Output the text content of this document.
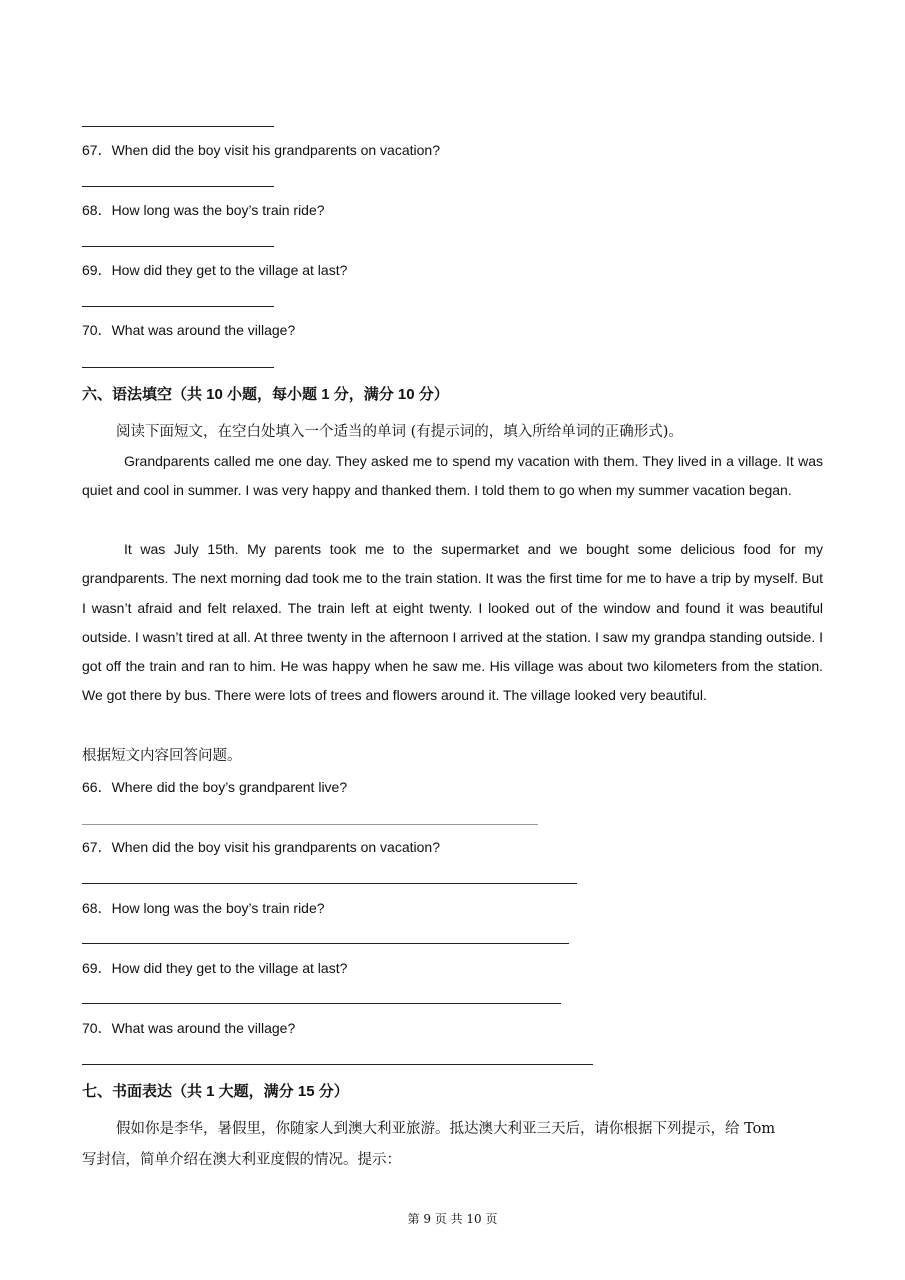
67．When did the boy visit his grandparents on vacation?
68．How long was the boy’s train ride?
69．How did they get to the village at last?
70．What was around the village?
六、语法填空（共 10 小题，每小题 1 分，满分 10 分）
阅读下面短文，在空白处填入一个适当的单词 (有提示词的，填入所给单词的正确形式)。

Grandparents called me one day. They asked me to spend my vacation with them. They lived in a village. It was quiet and cool in summer. I was very happy and thanked them. I told them to go when my summer vacation began.

It was July 15th. My parents took me to the supermarket and we bought some delicious food for my grandparents. The next morning dad took me to the train station. It was the first time for me to have a trip by myself. But I wasn’t afraid and felt relaxed. The train left at eight twenty. I looked out of the window and found it was beautiful outside. I wasn’t tired at all. At three twenty in the afternoon I arrived at the station. I saw my grandpa standing outside. I got off the train and ran to him. He was happy when he saw me. His village was about two kilometers from the station. We got there by bus. There were lots of trees and flowers around it. The village looked very beautiful.

根据短文内容回答问题。
66．Where did the boy’s grandparent live?
67．When did the boy visit his grandparents on vacation?
68．How long was the boy’s train ride?
69．How did they get to the village at last?
70．What was around the village?
七、书面表达（共 1 大题，满分 15 分）
假如你是李华，暑假里，你随家人到澳大利亚旅游。抵达澳大利亚三天后，请你根据下列提示，给 Tom
写封信，简单介绍在澳大利亚度假的情况。提示：
第 9 页 共 10 页
